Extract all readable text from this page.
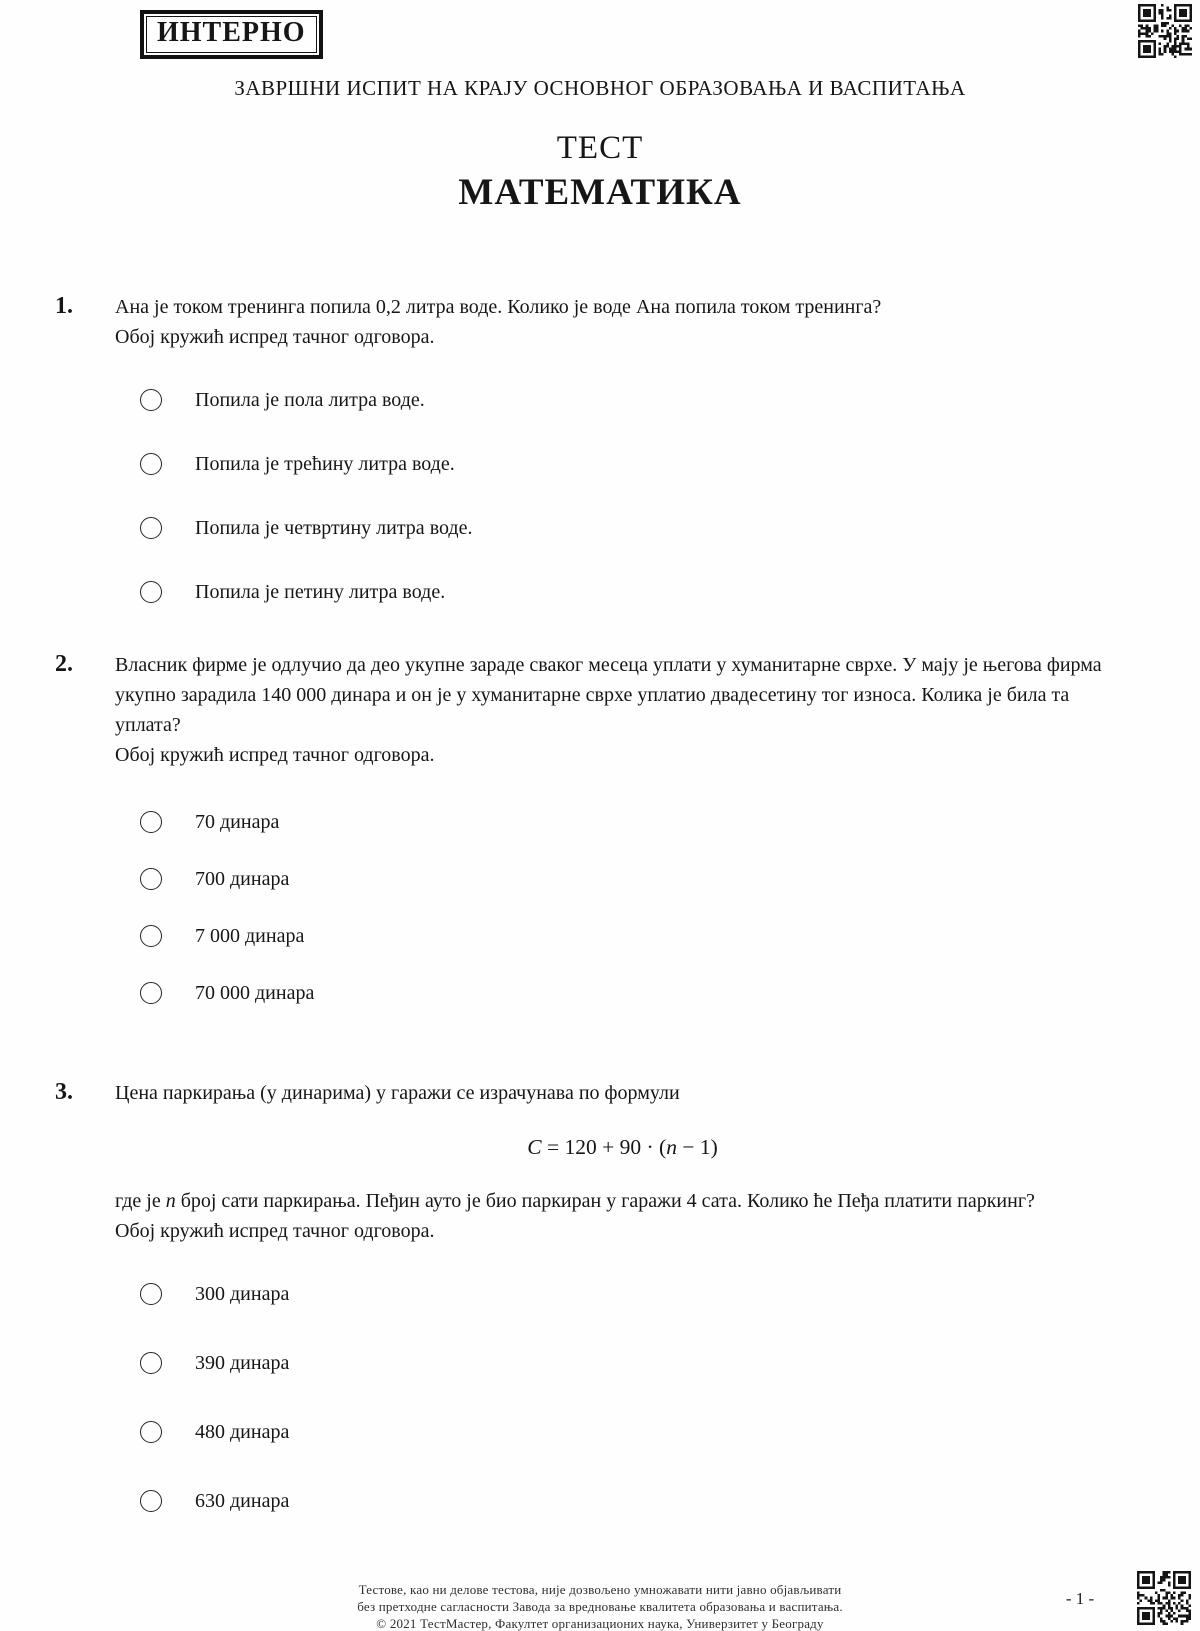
ИНТЕРНО
ЗАВРШНИ ИСПИТ НА КРАЈУ ОСНОВНОГ ОБРАЗОВАЊА И ВАСПИТАЊА
ТЕСТ
МАТЕМАТИКА
1.	Ана је током тренинга попила 0,2 литра воде. Колико је воде Ана попила током тренинга?

Обој кружић испред тачног одговора.

Попила је пола литра воде.
Попила је трећину литра воде.
Попила је четвртину литра воде.
Попила је петину литра воде.
2.	Власник фирме је одлучио да део укупне зараде сваког месеца уплати у хуманитарне сврхе. У мају је његова фирма укупно зарадила 140 000 динара и он је у хуманитарне сврхе уплатио двадесетину тог износа. Колика је била та уплата?

Обој кружић испред тачног одговора.

70 динара
700 динара
7 000 динара
70 000 динара
3.	Цена паркирања (у динарима) у гаражи се израчунава по формули

C = 120 + 90 · (n − 1)

где је n број сати паркирања. Пеђин ауто је био паркиран у гаражи 4 сата. Колико ће Пеђа платити паркинг?

Обој кружић испред тачног одговора.

300 динара
390 динара
480 динара
630 динара
Тестове, као ни делове тестова, није дозвољено умножавати нити јавно објављивати
без претходне сагласности Завода за вредновање квалитета образовања и васпитања.
© 2021 ТестМастер, Факултет организационих наука, Универзитет у Београду
- 1 -
